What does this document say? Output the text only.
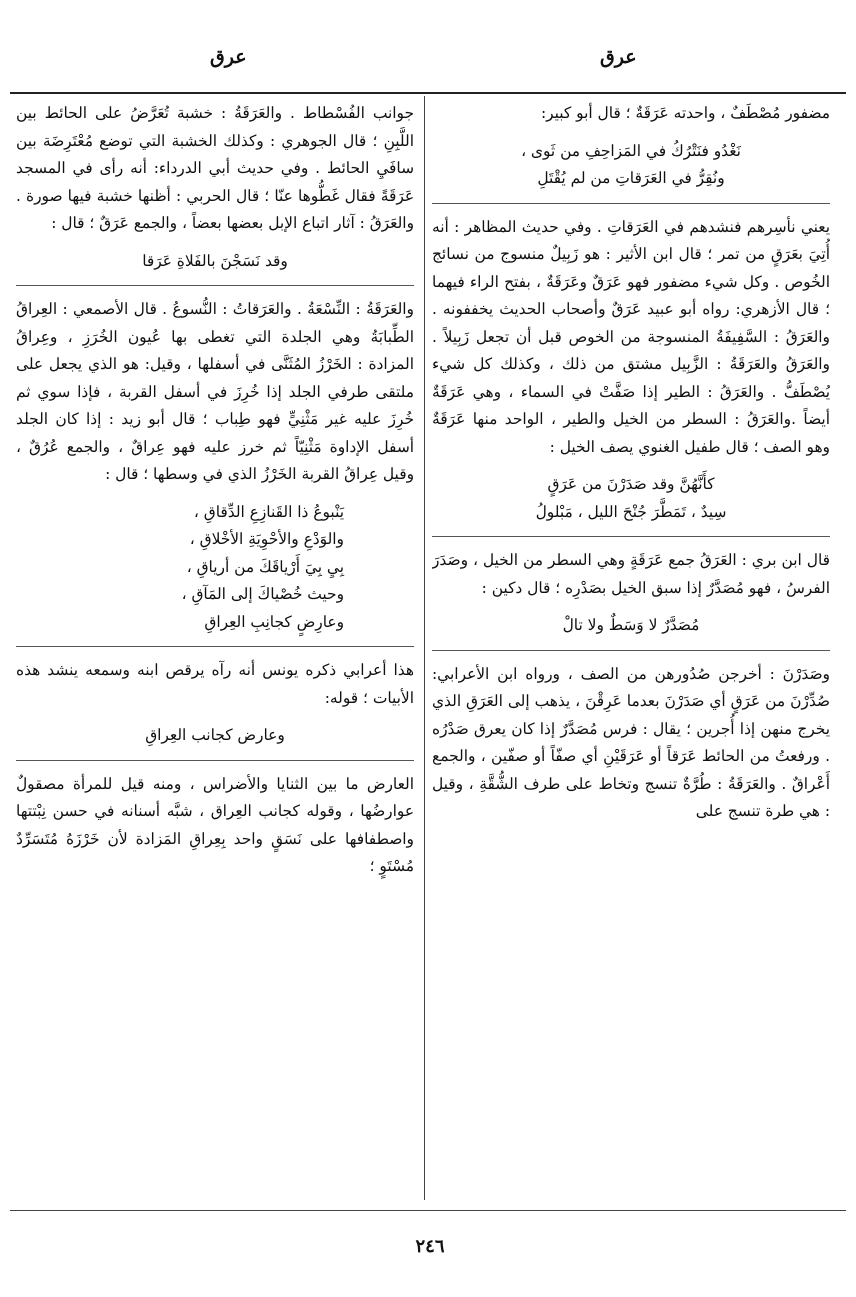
عرق
عرق

مضفور مُصْطَفٌ ، واحدته عَرَقَةٌ ؛ قال أبو كبير:

نَغْدُو فنَتْرُكُ في المَزاحِفِ من ثَوى ،
ونُقِرُّ في العَرَقاتِ من لم يُقْتَلِ

يعني نأسِرهم فنشدهم في العَرَقاتِ . وفي حديث المظاهر : أنه أُتِيَ بعَرَقٍ من تمر ؛ قال ابن الأثير : هو زَبِيلٌ منسوج من نسائج الخُوص . وكل شيء مضفور فهو عَرَقٌ وعَرَقَةٌ ، بفتح الراء فيهما ؛ قال الأزهري: رواه أبو عبيد عَرَقٌ وأصحاب الحديث يخففونه . والعَرَقُ : السَّفِيفَةُ المنسوجة من الخوص قبل أن تجعل زَبِيلاً . والعَرَقُ والعَرَقَةُ : الزَّبِيل مشتق من ذلك ، وكذلك كل شيء يُصْطَفُّ . والعَرَقُ : الطير إذا صَفَّتْ في السماء ، وهي عَرَقَةٌ أيضاً .والعَرَقُ : السطر من الخيل والطير ، الواحد منها عَرَقَةٌ وهو الصف ؛ قال طفيل الغنوي يصف الخيل :

كأَنَّهُنَّ وقد صَدَرْنَ من عَرَقٍ
سِيدٌ ، تَمَطَّرَ جُنْحَ الليل ، مَبْلولُ

قال ابن بري : العَرَقُ جمع عَرَقَةٍ وهي السطر من الخيل ، وصَدَرَ الفرسُ ، فهو مُصَدَّرٌ إذا سبق الخيل بصَدْرِه ؛ قال دكين :

مُصَدَّرٌ لا وَسَطٌ ولا تالْ

وصَدَرْنَ : أخرجن صُدُورهن من الصف ، ورواه ابن الأعرابي: صُدِّرْنَ من عَرَقٍ أي صَدَرْنَ بعدما عَرِقْنَ ، يذهب إلى العَرَقِ الذي يخرج منهن إذا أُجرين ؛ يقال : فرس مُصَدَّرٌ إذا كان يعرق صَدْرُه . ورفعتُ من الحائط عَرَقاً أو عَرَقَيْنِ أي صفّاً أو صفّين ، والجمع أَعْراقٌ . والعَرَقَةُ : طُرَّةٌ تنسج وتخاط على طرف الشُّقَّةِ ، وقيل : هي طرة تنسج على

جوانب الفُسْطاط . والعَرَقَةُ : خشبة تُعَرَّضُ على الحائط بين اللَّبِنِ ؛ قال الجوهري : وكذلك الخشبة التي توضع مُعْتَرِضَة بين سافَيِ الحائط . وفي حديث أبي الدرداء: أنه رأى في المسجد عَرَقَةً فقال غَطُّوها عنّا ؛ قال الحربي : أظنها خشبة فيها صورة . والعَرَقُ : آثار اتباع الإبل بعضها بعضاً ، والجمع عَرَقٌ ؛ قال :

وقد نَسَجْنَ بالفَلاةِ عَرَقا

والعَرَقَةُ : النِّسْعَةُ . والعَرَقاتُ : النُّسوعُ . قال الأصمعي : العِراقُ الطِّبابَةُ وهي الجلدة التي تغطى بها عُيون الخُرَزِ ، وعِراقُ المزادة : الخَرْزُ المُثَنَّى في أسفلها ، وقيل: هو الذي يجعل على ملتقى طرفي الجلد إذا خُرِزَ في أسفل القربة ، فإذا سوي ثم خُرِزَ عليه غير مَثْنِيٍّ فهو طِباب ؛ قال أبو زيد : إذا كان الجلد أسفل الإداوة مَثْنِيّاً ثم خرز عليه فهو عِراقٌ ، والجمع عُرُقٌ ، وقيل عِراقُ القربة الخَرْزُ الذي في وسطها ؛ قال :

يَنْبوعُ ذا القَنازِعِ الدِّقاقِ ،
والوَدْعِ والأحْوِيَةِ الأخْلاقِ ،
بِيِ بِيَ أَرْياقَكَ من أرياقِ ،
وحيث خُصْياكَ إلى المَآقِ ،
وعارِضٍ كجانِبِ العِراقِ

هذا أعرابي ذكره يونس أنه رآه يرقص ابنه وسمعه ينشد هذه الأبيات ؛ قوله:

وعارض كجانب العِراقِ

العارض ما بين الثنايا والأضراس ، ومنه قيل للمرأة مصقولٌ عوارضُها ، وقوله كجانب العِراق ، شبَّه أسنانه في حسن نِبْتتها واصطفافها على نَسَقٍ واحد بِعِراقِ المَزادة لأن خَرْزَهُ مُتَسَرِّدٌ مُسْتَوٍ ؛

٢٤٦
